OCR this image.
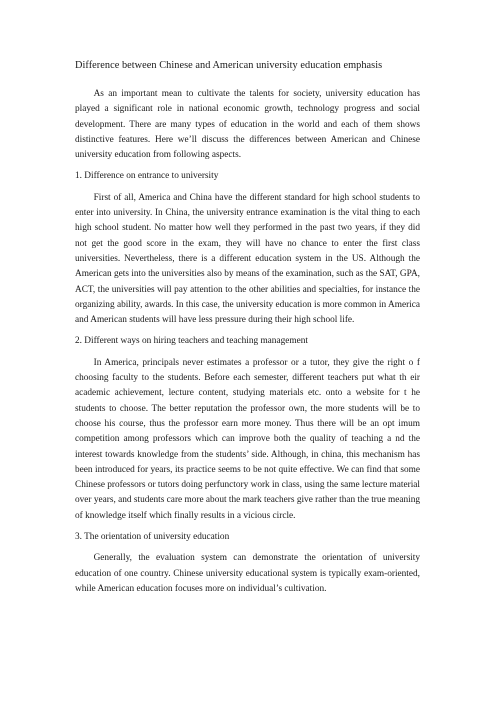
Difference between Chinese and American university education emphasis

As an important mean to cultivate the talents for society, university education has played a significant role in national economic growth, technology progress and social development. There are many types of education in the world and each of them shows distinctive features. Here we’ll discuss the differences between American and Chinese university education from following aspects.

1. Difference on entrance to university

First of all, America and China have the different standard for high school students to enter into university. In China, the university entrance examination is the vital thing to each high school student. No matter how well they performed in the past two years, if they did not get the good score in the exam, they will have no chance to enter the first class universities. Nevertheless, there is a different education system in the US. Although the American gets into the universities also by means of the examination, such as the SAT, GPA, ACT, the universities will pay attention to the other abilities and specialties, for instance the organizing ability, awards. In this case, the university education is more common in America and American students will have less pressure during their high school life.

2. Different ways on hiring teachers and teaching management

In America, principals never estimates a professor or a tutor, they give the right o f choosing faculty to the students. Before each semester, different teachers put what th eir academic achievement, lecture content, studying materials etc. onto a website for t he students to choose. The better reputation the professor own, the more students will be to choose his course, thus the professor earn more money. Thus there will be an opt imum competition among professors which can improve both the quality of teaching a nd the interest towards knowledge from the students’ side. Although, in china, this mechanism has been introduced for years, its practice seems to be not quite effective. We can find that some Chinese professors or tutors doing perfunctory work in class, using the same lecture material over years, and students care more about the mark teachers give rather than the true meaning of knowledge itself which finally results in a vicious circle.

3. The orientation of university education

Generally, the evaluation system can demonstrate the orientation of university education of one country. Chinese university educational system is typically exam-oriented, while American education focuses more on individual’s cultivation.
